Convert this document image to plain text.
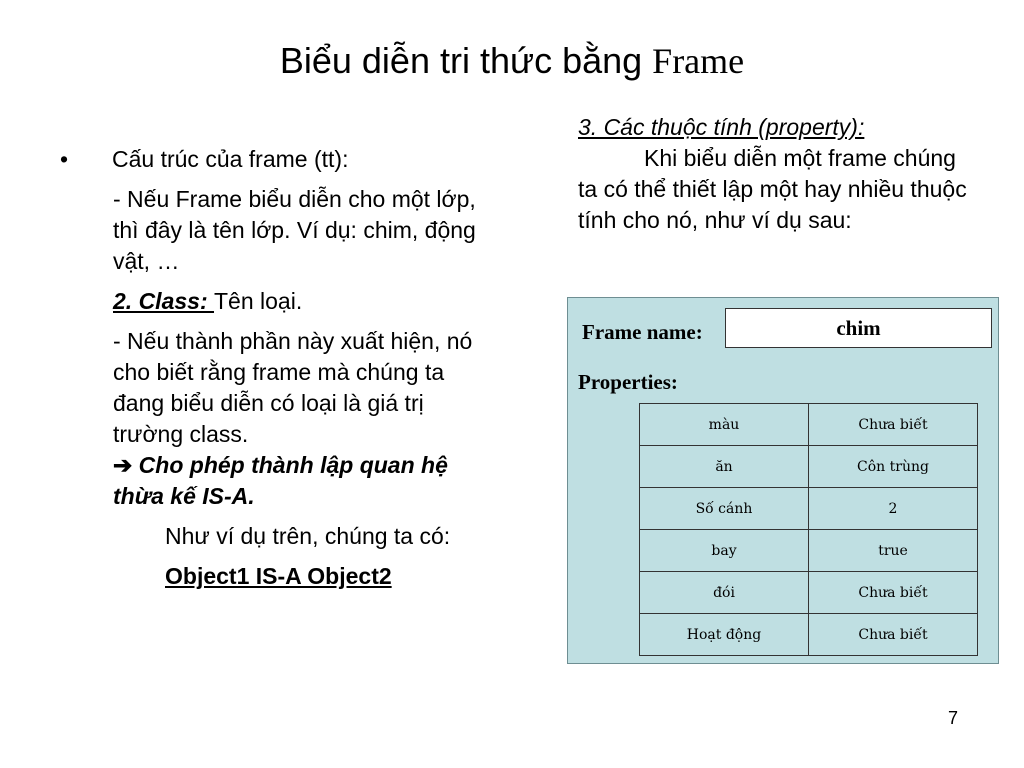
Biểu diễn tri thức bằng Frame
•	Cấu trúc của frame (tt):
- Nếu Frame biểu diễn cho một lớp, thì đây là tên lớp. Ví dụ: chim, động vật, …
2. Class: Tên loại.
- Nếu thành phần này xuất hiện, nó cho biết rằng frame mà chúng ta đang biểu diễn có loại là giá trị trường class.
➔ Cho phép thành lập quan hệ thừa kế IS-A.
Như ví dụ trên, chúng ta có:
Object1 IS-A Object2
3. Các thuộc tính (property):
Khi biểu diễn một frame chúng ta có thể thiết lập một hay nhiều thuộc tính cho nó, như ví dụ sau:
Frame name:	chim
Properties:
màu	Chưa biết
ăn	Côn trùng
Số cánh	2
bay	true
đói	Chưa biết
Hoạt động	Chưa biết
7
